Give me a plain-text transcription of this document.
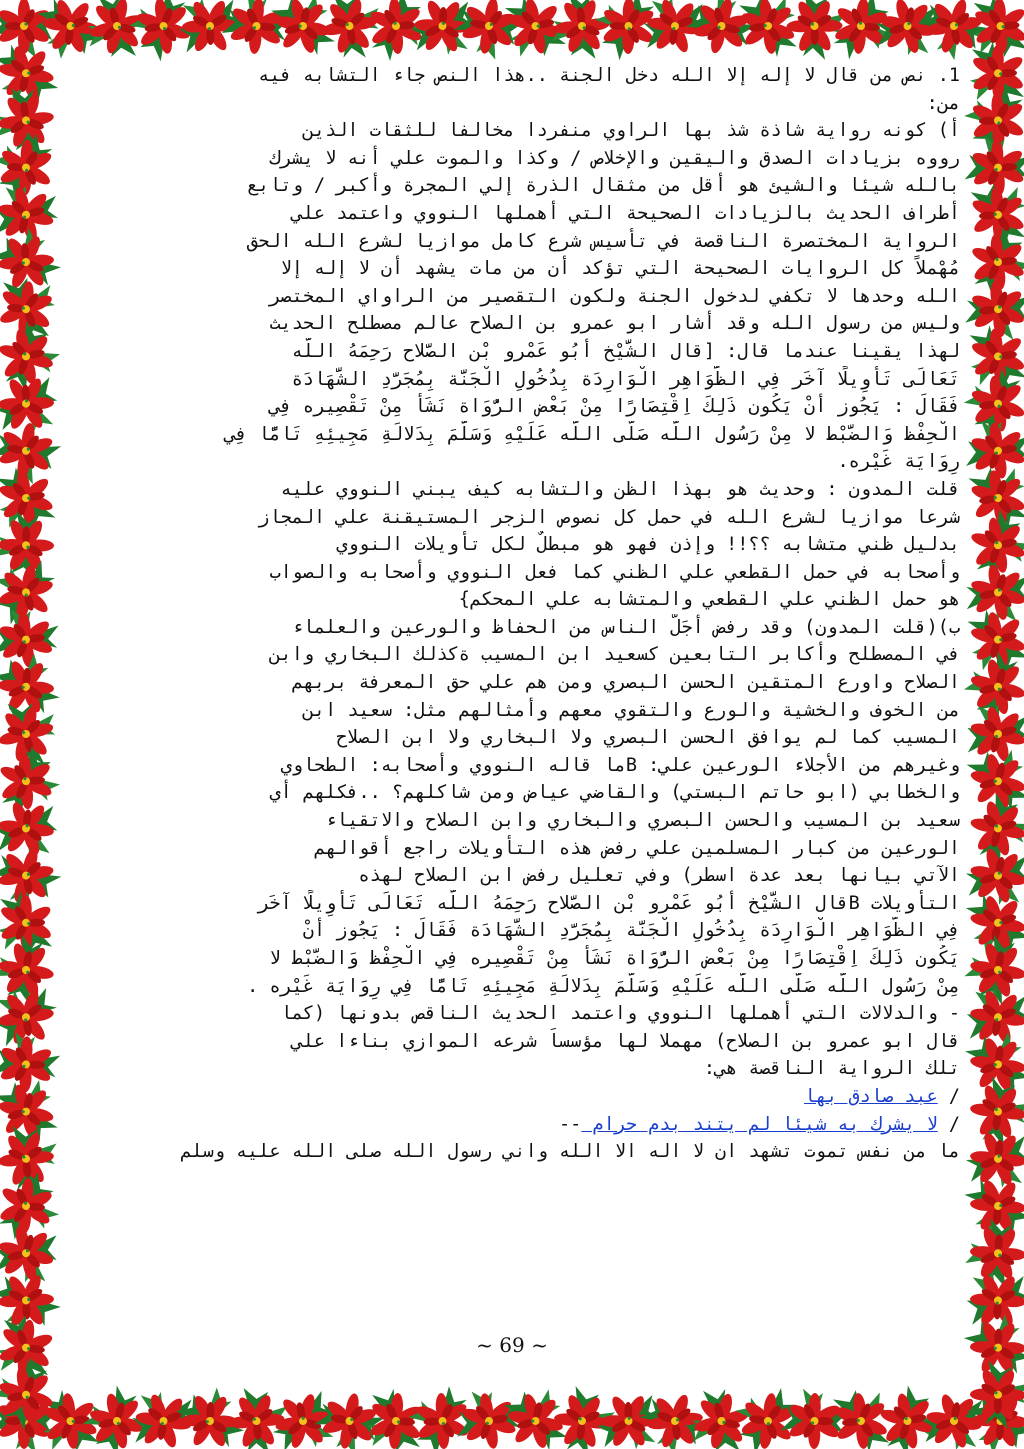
1. نص من قال لا إله إلا الله دخل الجنة ..هذا النص جاء التشابه فيه
من:
أ) كونه رواية شاذة شذ بها الراوي منفردا مخالفا للثقات الذين
رووه بزيادات الصدق واليقين والإخلاص / وكذا والموت علي أنه لا يشرك
بالله شيئا والشيئ هو أقل من مثقال الذرة إلي المجرة وأكبر / وتابع
أطراف الحديث بالزيادات الصحيحة التي أهملها النووي واعتمد علي
الرواية المختصرة الناقصة في تأسيس شرع كامل موازيا لشرع الله الحق
مُهْملاً كل الروايات الصحيحة التي تؤكد أن من مات يشهد أن لا إله إلا
الله وحدها لا تكفي لدخول الجنة ولكون التقصير من الراواي المختصر
وليس من رسول الله وقد أشار ابو عمرو بن الصلاح عالم مصطلح الحديث
لهذا يقينا عندما قال: [قال الشَّيْخ أَبُو عَمْرو بْن الصَّلاح رَحِمَهُ اللَّه
تَعَالَى تَأْوِيلًا آخَر فِي الظَّوَاهِر الْوَارِدَة بِدُخُولِ الْجَنَّة بِمُجَرَّدِ الشَّهَادَة
فَقَالَ : يَجُوز أَنْ يَكُون ذَلِكَ اِقْتِصَارًا مِنْ بَعْض الرُّوَاة نَشَأَ مِنْ تَقْصِيره فِي
الْحِفْظ وَالضَّبْط لا مِنْ رَسُول اللَّه صَلَّى اللَّه عَلَيْهِ وَسَلَّمَ بِدَلالَةِ مَجِيئِهِ تَامًّا فِي
رِوَايَة غَيْره.
قلت المدون : وحديث هو بهذا الظن والتشابه كيف يبني النووي عليه
شرعا موازيا لشرع الله في حمل كل نصوص الزجر المستيقنة علي المجاز
بدليل ظني متشابه ؟؟!! وإذن فهو هو مبطلٌ لكل تأويلات النووي
وأصحابه في حمل القطعي علي الظني كما فعل النووي وأصحابه والصواب
هو حمل الظني علي القطعي والمتشابه علي المحكم}
ب)(قلت المدون) وقد رفض أجَلّ الناس من الحفاظ والورعين والعلماء
في المصطلح وأكابر التابعين كسعيد ابن المسيب ةكذلك البخاري وابن
الصلاح واورع المتقين الحسن البصري ومن هم علي حق المعرفة بربهم
من الخوف والخشية والورع والتقوي معهم وأمثالهم مثل: سعيد ابن
المسيب كما لم يوافق الحسن البصري ولا البخاري ولا ابن الصلاح
وغيرهم من الأجلاء الورعين علي: Bما قاله النووي وأصحابه: الطحاوي
والخطابي (ابو حاتم البستي) والقاضي عياض ومن شاكلهم؟ ..فكلهم أي
سعيد بن المسيب والحسن البصري والبخاري وابن الصلاح والاتقياء
الورعين من كبار المسلمين علي رفض هذه التأويلات راجع أقوالهم
الآتي بيانها بعد عدة اسطر) وفي تعليل رفض ابن الصلاح لهذه
التأويلات Bقال الشَّيْخ أَبُو عَمْرو بْن الصَّلاح رَحِمَهُ اللَّه تَعَالَى تَأْوِيلًا آخَر
فِي الظَّوَاهِر الْوَارِدَة بِدُخُولِ الْجَنَّة بِمُجَرَّدِ الشَّهَادَة فَقَالَ : يَجُوز أَنْ
يَكُون ذَلِكَ اِقْتِصَارًا مِنْ بَعْض الرُّوَاة نَشَأَ مِنْ تَقْصِيره فِي الْحِفْظ وَالضَّبْط لا
مِنْ رَسُول اللَّه صَلَّى اللَّه عَلَيْهِ وَسَلَّمَ بِدَلالَةِ مَجِيئِهِ تَامًّا فِي رِوَايَة غَيْره .
- والدلالات التي أهملها النووي واعتمد الحديث الناقص بدونها (كما
قال ابو عمرو بن الصلاح) مهملا لها مؤسساً شرعه الموازي بناءا علي
تلك الرواية الناقصة هي:
/ عبد صادق بها
/ لا يشرك به شيئا لم يتند بدم حرام --
ما من نفس تموت تشهد ان لا اله الا الله واني رسول الله صلى الله عليه وسلم
~ 69 ~
